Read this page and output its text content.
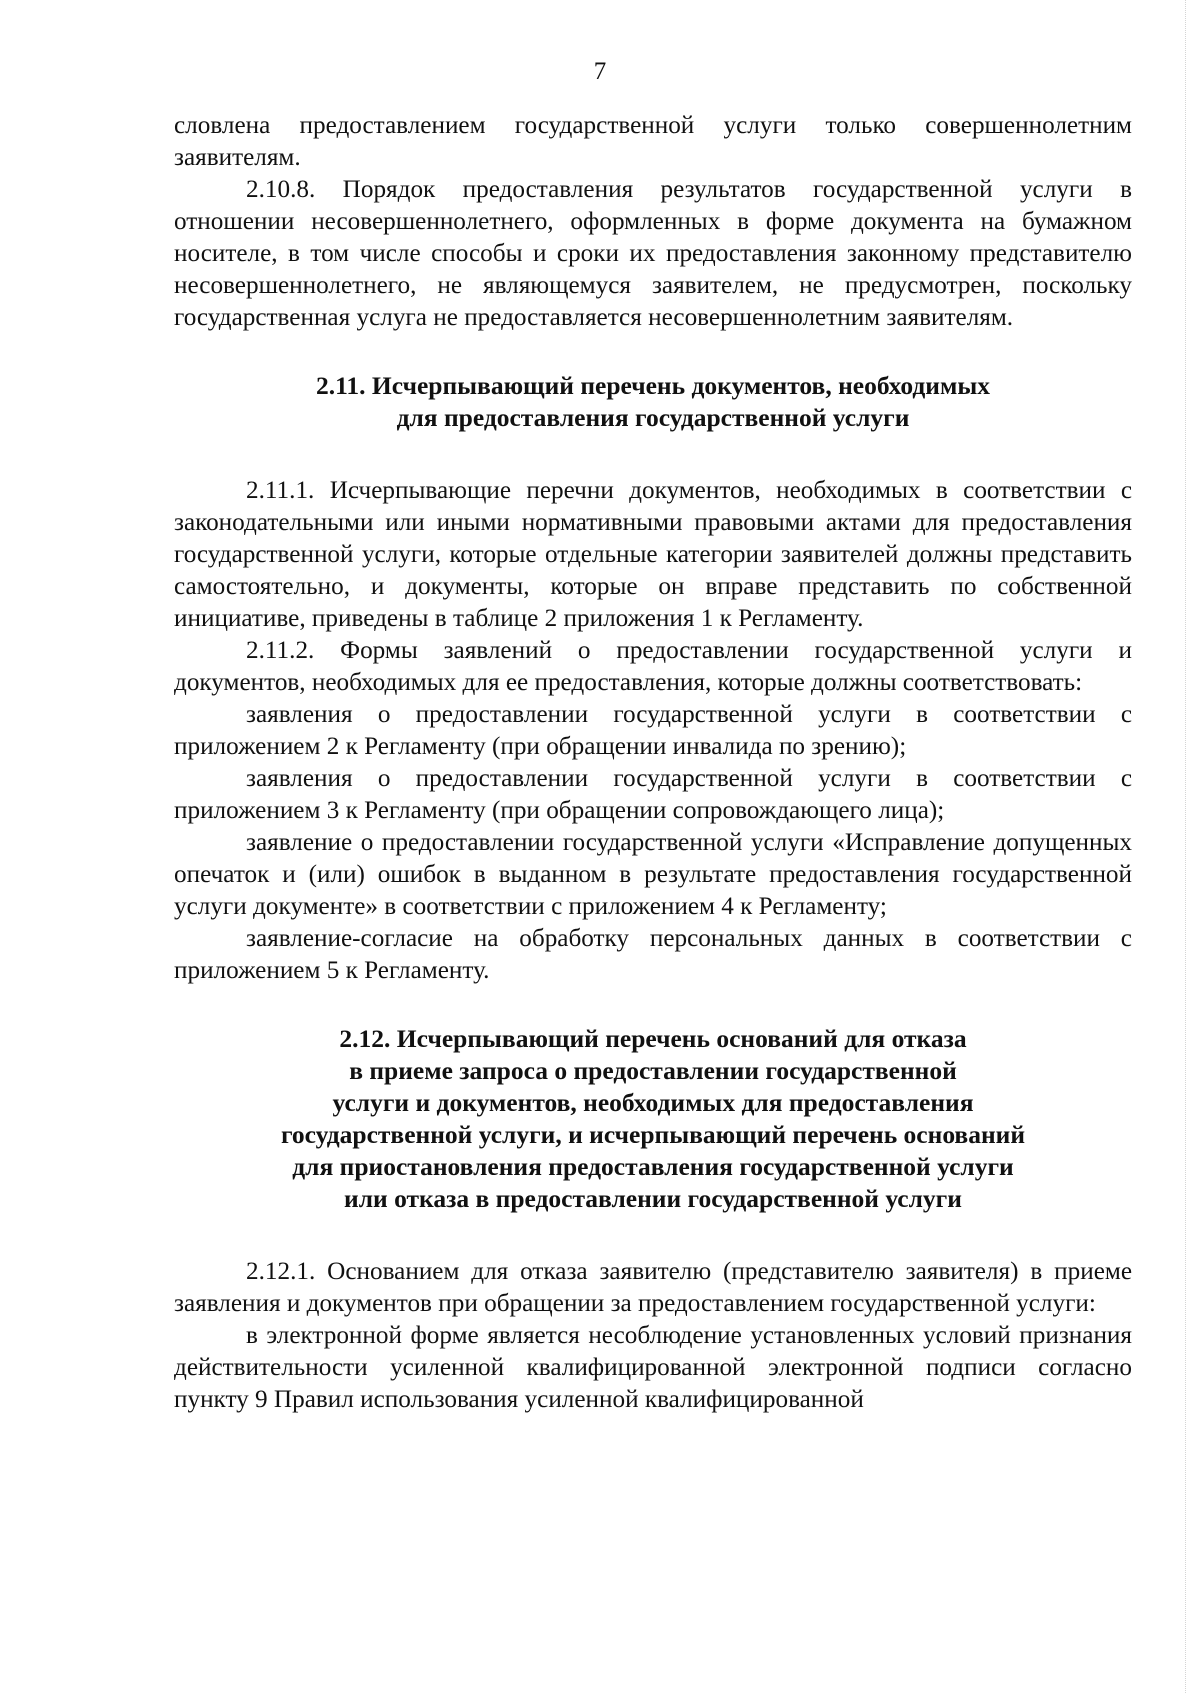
7

словлена предоставлением государственной услуги только совершеннолетним заявителям.

2.10.8. Порядок предоставления результатов государственной услуги в отношении несовершеннолетнего, оформленных в форме документа на бумажном носителе, в том числе способы и сроки их предоставления законному представителю несовершеннолетнего, не являющемуся заявителем, не предусмотрен, поскольку государственная услуга не предоставляется несовершеннолетним заявителям.

2.11. Исчерпывающий перечень документов, необходимых
для предоставления государственной услуги

2.11.1. Исчерпывающие перечни документов, необходимых в соответствии с законодательными или иными нормативными правовыми актами для предоставления государственной услуги, которые отдельные категории заявителей должны представить самостоятельно, и документы, которые он вправе представить по собственной инициативе, приведены в таблице 2 приложения 1 к Регламенту.

2.11.2. Формы заявлений о предоставлении государственной услуги и документов, необходимых для ее предоставления, которые должны соответствовать:

заявления о предоставлении государственной услуги в соответствии с приложением 2 к Регламенту (при обращении инвалида по зрению);

заявления о предоставлении государственной услуги в соответствии с приложением 3 к Регламенту (при обращении сопровождающего лица);

заявление о предоставлении государственной услуги «Исправление допущенных опечаток и (или) ошибок в выданном в результате предоставления государственной услуги документе» в соответствии с приложением 4 к Регламенту;

заявление-согласие на обработку персональных данных в соответствии с приложением 5 к Регламенту.

2.12. Исчерпывающий перечень оснований для отказа
в приеме запроса о предоставлении государственной
услуги и документов, необходимых для предоставления
государственной услуги, и исчерпывающий перечень оснований
для приостановления предоставления государственной услуги
или отказа в предоставлении государственной услуги

2.12.1. Основанием для отказа заявителю (представителю заявителя) в приеме заявления и документов при обращении за предоставлением государственной услуги:

в электронной форме является несоблюдение установленных условий признания действительности усиленной квалифицированной электронной подписи согласно пункту 9 Правил использования усиленной квалифицированной
